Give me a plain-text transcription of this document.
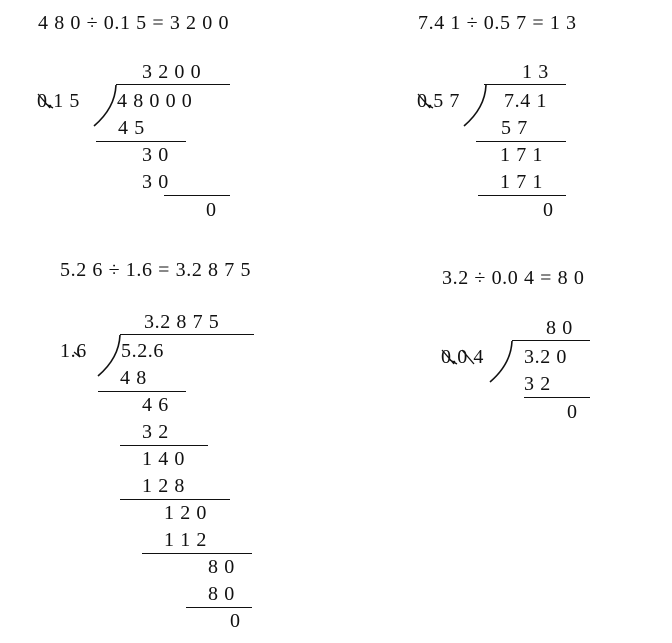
4 8 0 ÷ 0.1 5 = 3 2 0 0
3 2 0 0
0.1 5 4 8 0 0 0
4 5
3 0
3 0
0
7.4 1 ÷ 0.5 7 = 1 3
1 3
0.5 7 7.4 1
5 7
1 7 1
1 7 1
0
5.2 6 ÷ 1.6 = 3.2 8 7 5
3.2 8 7 5
1.6 5.2.6
4 8
4 6
3 2
1 4 0
1 2 8
1 2 0
1 1 2
8 0
8 0
0
3.2 ÷ 0.0 4 = 8 0
8 0
0.0 4 3.2 0
3 2
0
